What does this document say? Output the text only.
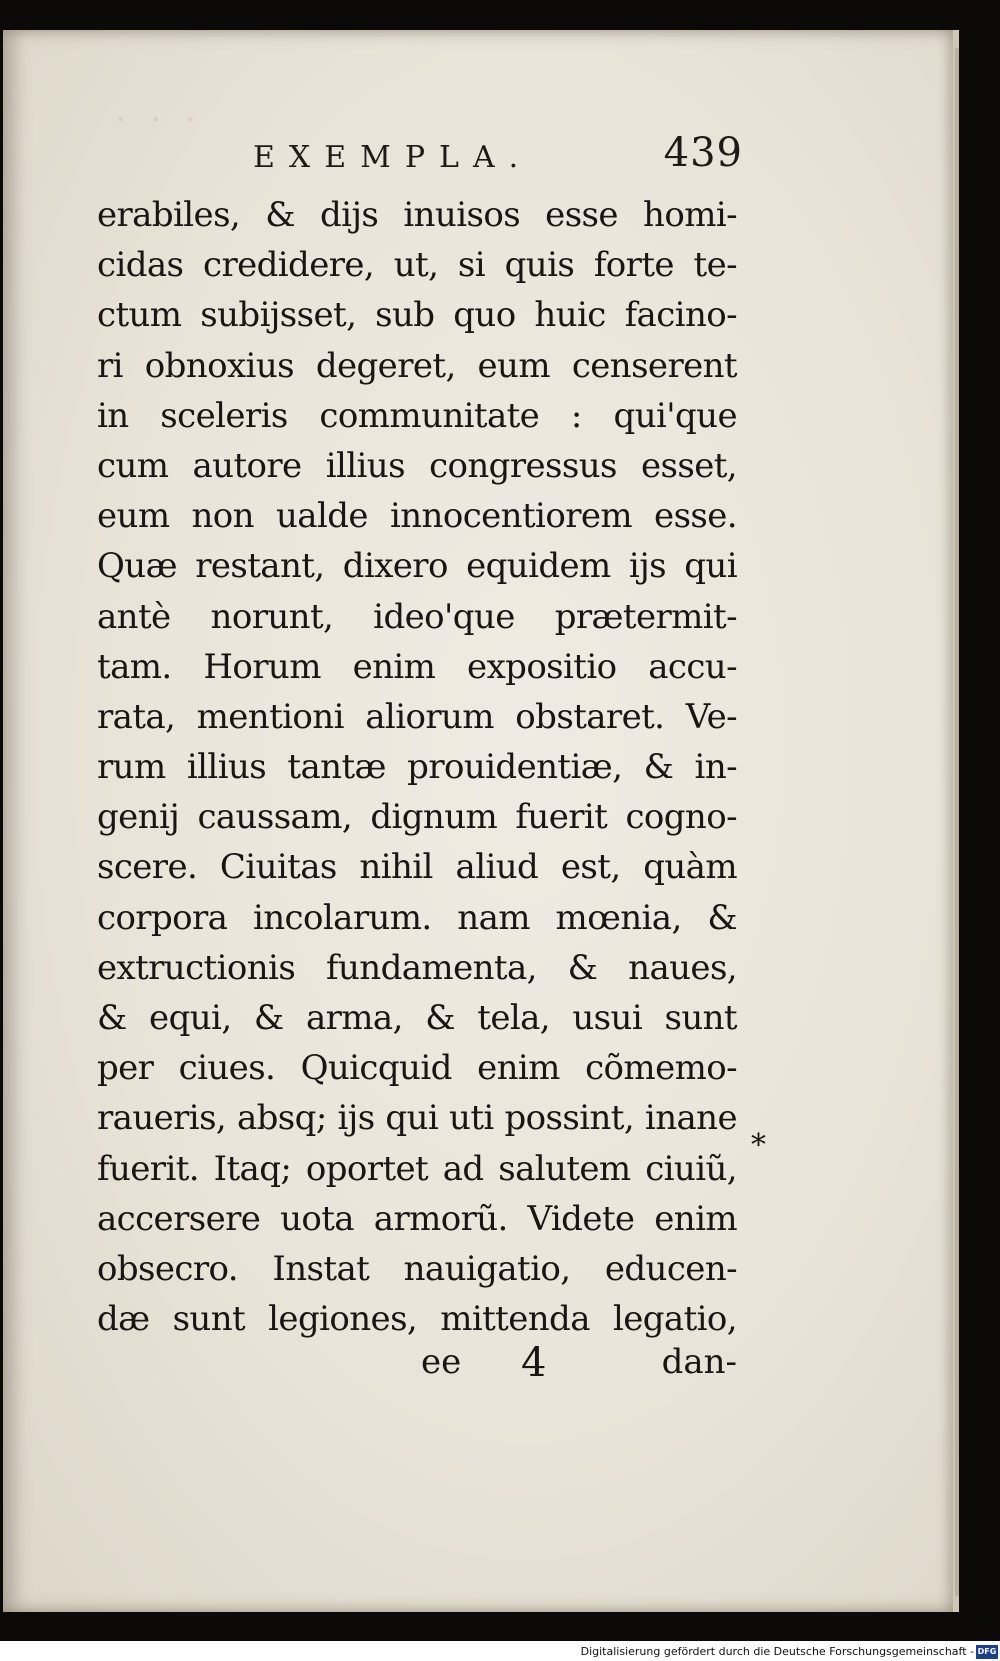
· · ·
EXEMPLA.	439
erabiles, & dijs inuisos esse homi-
cidas credidere, ut, si quis forte te-
ctum subijsset, sub quo huic facino-
ri obnoxius degeret, eum censerent
in sceleris communitate : qui'que
cum autore illius congressus esset,
eum non ualde innocentiorem esse.
Quæ restant, dixero equidem ijs qui
antè norunt, ideo'que prætermit-
tam. Horum enim expositio accu-
rata, mentioni aliorum obstaret. Ve-
rum illius tantæ prouidentiæ, & in-
genij caussam, dignum fuerit cogno-
scere. Ciuitas nihil aliud est, quàm
corpora incolarum. nam mœnia, &
extructionis fundamenta, & naues,
& equi, & arma, & tela, usui sunt
per ciues. Quicquid enim cõmemo-
raueris, absq; ijs qui uti possint, inane
fuerit. Itaq; oportet ad salutem ciuiũ,
accersere uota armorũ. Videte enim
obsecro. Instat nauigatio, educen-
dæ sunt legiones, mittenda legatio,
*
ee 4	dan-
Digitalisierung gefördert durch die Deutsche Forschungsgemeinschaft - DFG
